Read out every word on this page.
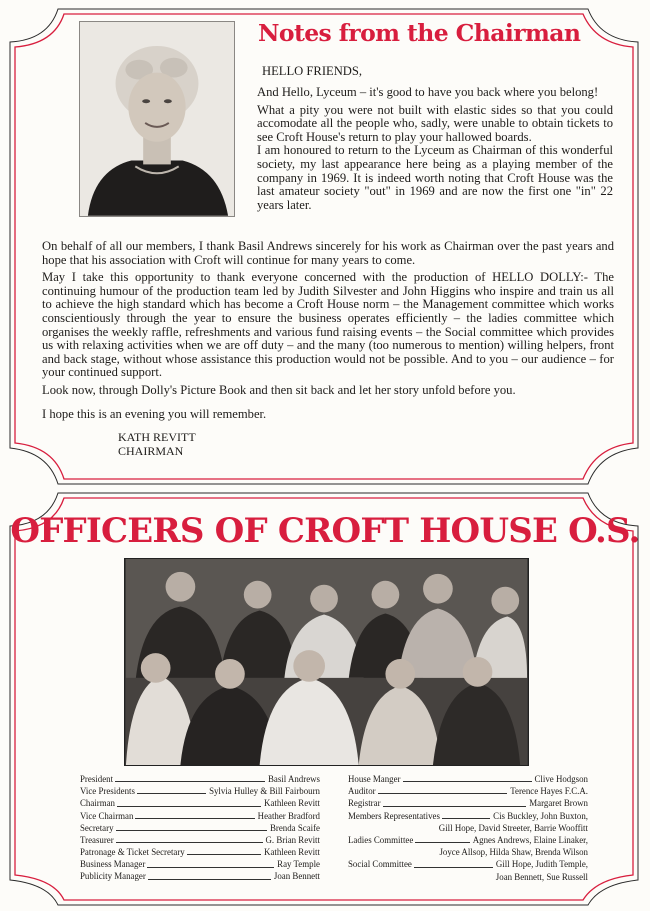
Notes from the Chairman
HELLO FRIENDS,

And Hello, Lyceum – it's good to have you back where you belong!

What a pity you were not built with elastic sides so that you could accomodate all the people who, sadly, were unable to obtain tickets to see Croft House's return to play your hallowed boards.

I am honoured to return to the Lyceum as Chairman of this wonderful society, my last appearance here being as a playing member of the company in 1969. It is indeed worth noting that Croft House was the last amateur society "out" in 1969 and are now the first one "in" 22 years later.

On behalf of all our members, I thank Basil Andrews sincerely for his work as Chairman over the past years and hope that his association with Croft will continue for many years to come.

May I take this opportunity to thank everyone concerned with the production of HELLO DOLLY:- The continuing humour of the production team led by Judith Silvester and John Higgins who inspire and train us all to achieve the high standard which has become a Croft House norm – the Management committee which works conscientiously through the year to ensure the business operates efficiently – the ladies committee which organises the weekly raffle, refreshments and various fund raising events – the Social committee which provides us with relaxing activities when we are off duty – and the many (too numerous to mention) willing helpers, front and back stage, without whose assistance this production would not be possible. And to you – our audience – for your continued support.

Look now, through Dolly's Picture Book and then sit back and let her story unfold before you.

I hope this is an evening you will remember.

KATH REVITT
CHAIRMAN
OFFICERS OF CROFT HOUSE O.S.
President	Basil Andrews
Vice Presidents	Sylvia Hulley & Bill Fairbourn
Chairman	Kathleen Revitt
Vice Chairman	Heather Bradford
Secretary	Brenda Scaife
Treasurer	G. Brian Revitt
Patronage & Ticket Secretary	Kathleen Revitt
Business Manager	Ray Temple
Publicity Manager	Joan Bennett
House Manger	Clive Hodgson
Auditor	Terence Hayes F.C.A.
Registrar	Margaret Brown
Members Representatives	Cis Buckley, John Buxton,
Gill Hope, David Streeter, Barrie Wooffitt
Ladies Committee	Agnes Andrews, Elaine Linaker,
Joyce Allsop, Hilda Shaw, Brenda Wilson
Social Committee	Gill Hope, Judith Temple,
Joan Bennett, Sue Russell
